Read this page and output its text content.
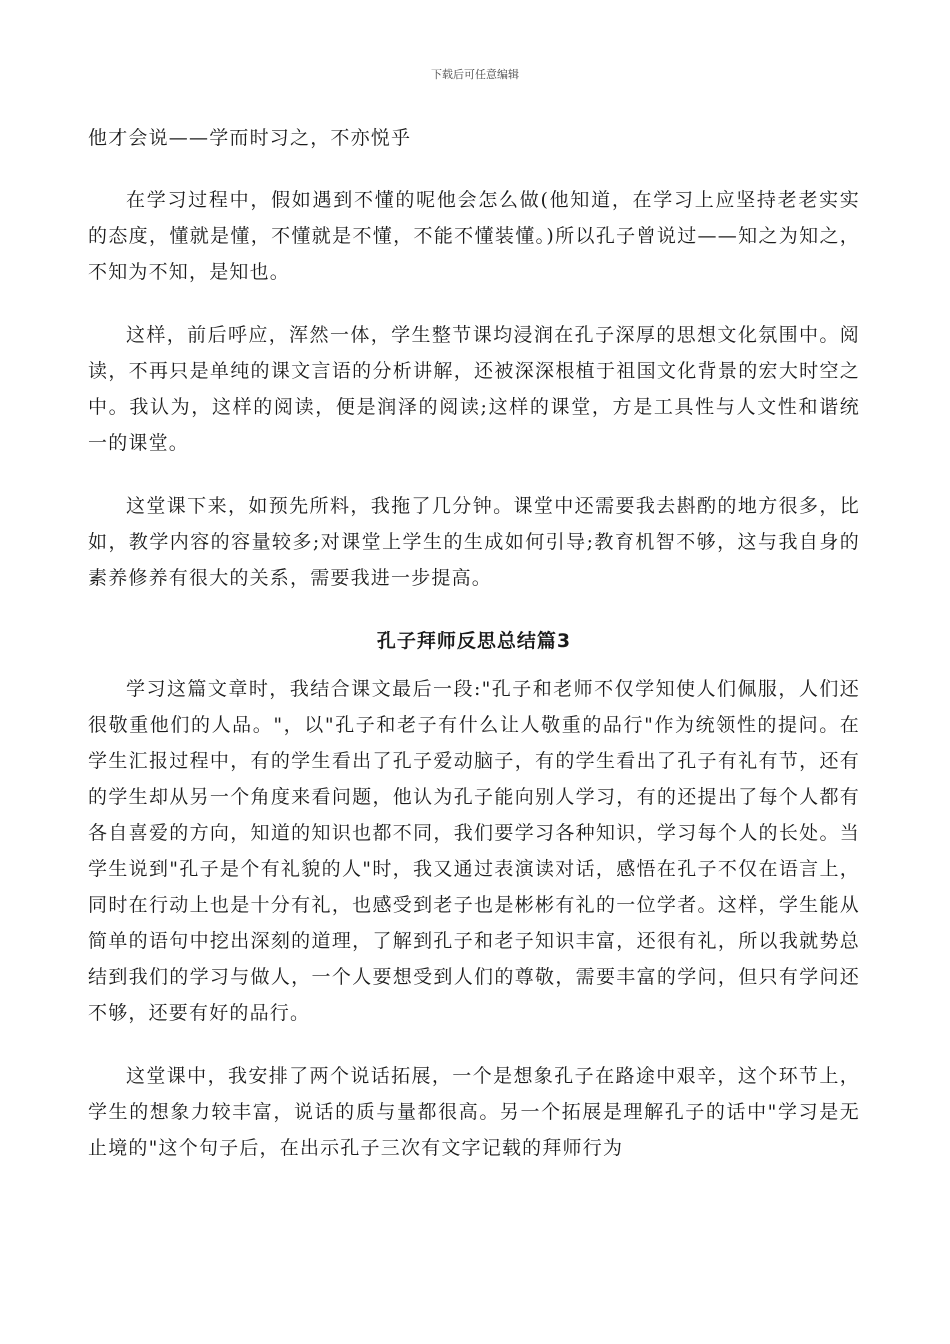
下载后可任意编辑

他才会说——学而时习之，不亦悦乎

在学习过程中，假如遇到不懂的呢他会怎么做(他知道，在学习上应坚持老老实实的态度，懂就是懂，不懂就是不懂，不能不懂装懂。)所以孔子曾说过——知之为知之，不知为不知，是知也。

这样，前后呼应，浑然一体，学生整节课均浸润在孔子深厚的思想文化氛围中。阅读，不再只是单纯的课文言语的分析讲解，还被深深根植于祖国文化背景的宏大时空之中。我认为，这样的阅读，便是润泽的阅读;这样的课堂，方是工具性与人文性和谐统一的课堂。

这堂课下来，如预先所料，我拖了几分钟。课堂中还需要我去斟酌的地方很多，比如，教学内容的容量较多;对课堂上学生的生成如何引导;教育机智不够，这与我自身的素养修养有很大的关系，需要我进一步提高。

孔子拜师反思总结篇3

学习这篇文章时，我结合课文最后一段:"孔子和老师不仅学知使人们佩服，人们还很敬重他们的人品。"，以"孔子和老子有什么让人敬重的品行"作为统领性的提问。在学生汇报过程中，有的学生看出了孔子爱动脑子，有的学生看出了孔子有礼有节，还有的学生却从另一个角度来看问题，他认为孔子能向别人学习，有的还提出了每个人都有各自喜爱的方向，知道的知识也都不同，我们要学习各种知识，学习每个人的长处。当学生说到"孔子是个有礼貌的人"时，我又通过表演读对话，感悟在孔子不仅在语言上，同时在行动上也是十分有礼，也感受到老子也是彬彬有礼的一位学者。这样，学生能从简单的语句中挖出深刻的道理，了解到孔子和老子知识丰富，还很有礼，所以我就势总结到我们的学习与做人，一个人要想受到人们的尊敬，需要丰富的学问，但只有学问还不够，还要有好的品行。

这堂课中，我安排了两个说话拓展，一个是想象孔子在路途中艰辛，这个环节上，学生的想象力较丰富，说话的质与量都很高。另一个拓展是理解孔子的话中"学习是无止境的"这个句子后，在出示孔子三次有文字记载的拜师行为
